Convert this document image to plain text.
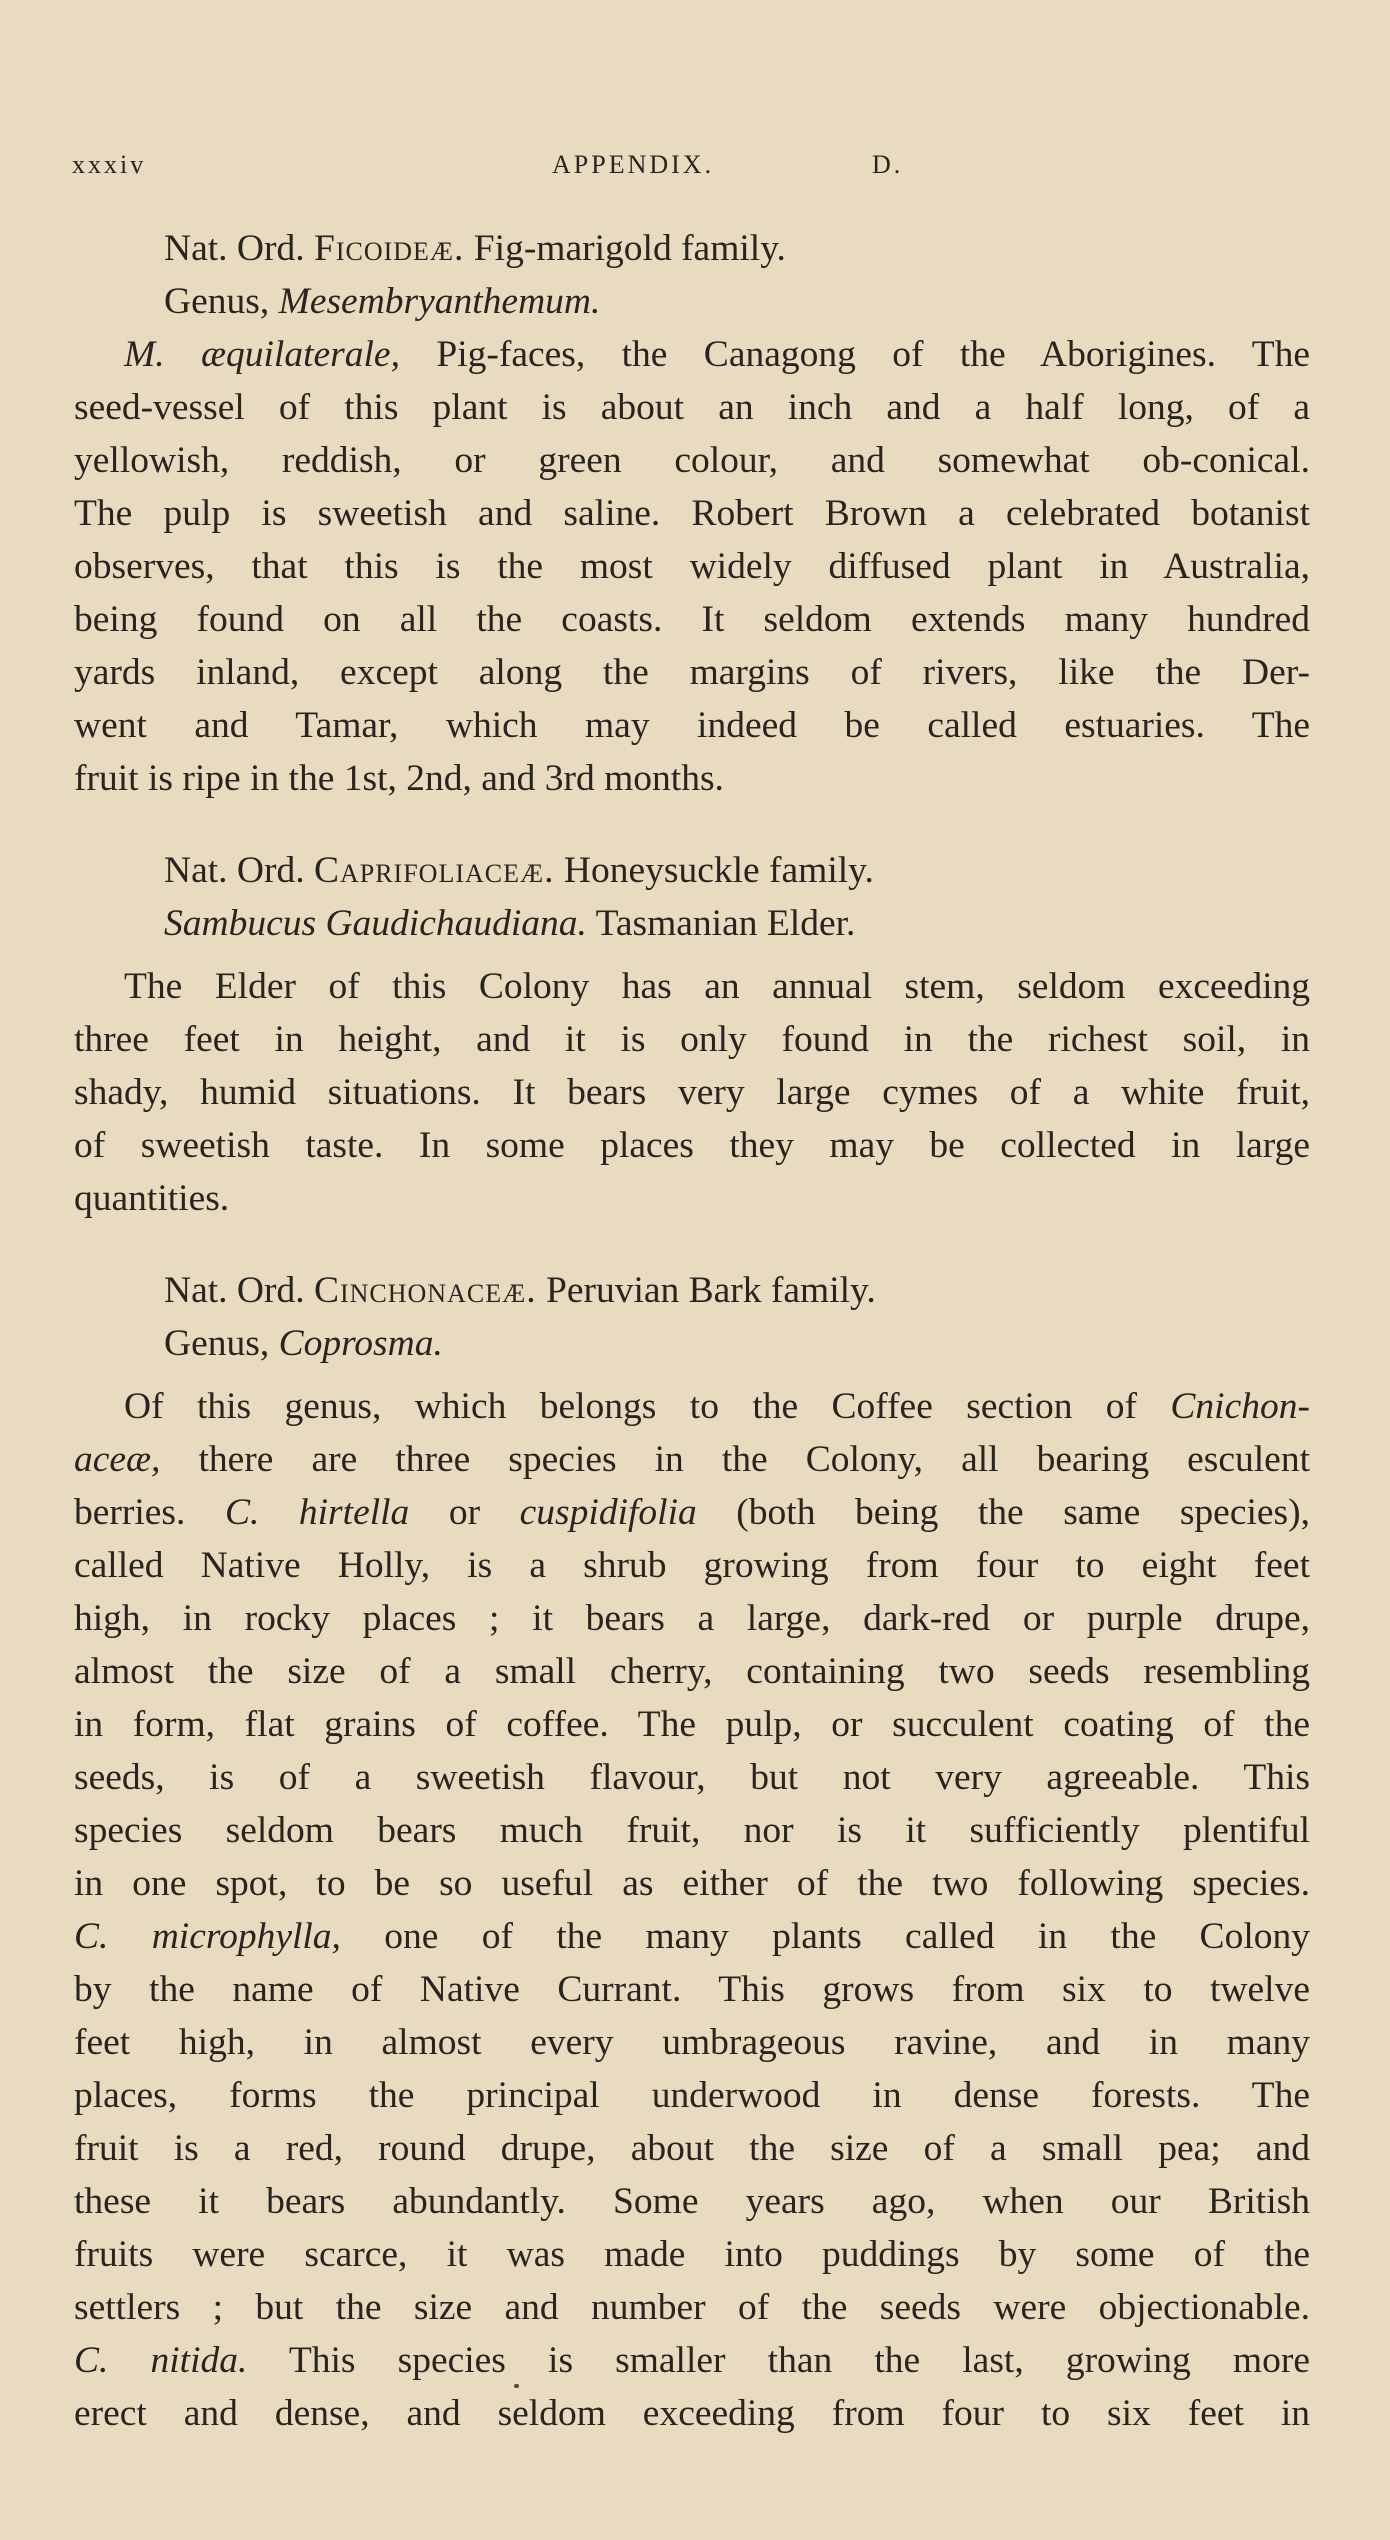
xxxiv	APPENDIX.	D.
Nat. Ord. Ficoideæ. Fig-marigold family.
Genus, Mesembryanthemum.
M. æquilaterale, Pig-faces, the Canagong of the Aborigines. The
seed-vessel of this plant is about an inch and a half long, of a
yellowish, reddish, or green colour, and somewhat ob-conical.
The pulp is sweetish and saline. Robert Brown a celebrated botanist
observes, that this is the most widely diffused plant in Australia,
being found on all the coasts. It seldom extends many hundred
yards inland, except along the margins of rivers, like the Der-
went and Tamar, which may indeed be called estuaries. The
fruit is ripe in the 1st, 2nd, and 3rd months.
Nat. Ord. Caprifoliaceæ. Honeysuckle family.
Sambucus Gaudichaudiana. Tasmanian Elder.
The Elder of this Colony has an annual stem, seldom exceeding
three feet in height, and it is only found in the richest soil, in
shady, humid situations. It bears very large cymes of a white fruit,
of sweetish taste. In some places they may be collected in large
quantities.
Nat. Ord. Cinchonaceæ. Peruvian Bark family.
Genus, Coprosma.
Of this genus, which belongs to the Coffee section of Cnichon-
aceæ, there are three species in the Colony, all bearing esculent
berries. C. hirtella or cuspidifolia (both being the same species),
called Native Holly, is a shrub growing from four to eight feet
high, in rocky places ; it bears a large, dark-red or purple drupe,
almost the size of a small cherry, containing two seeds resembling
in form, flat grains of coffee. The pulp, or succulent coating of the
seeds, is of a sweetish flavour, but not very agreeable. This
species seldom bears much fruit, nor is it sufficiently plentiful
in one spot, to be so useful as either of the two following species.
C. microphylla, one of the many plants called in the Colony
by the name of Native Currant. This grows from six to twelve
feet high, in almost every umbrageous ravine, and in many
places, forms the principal underwood in dense forests. The
fruit is a red, round drupe, about the size of a small pea; and
these it bears abundantly. Some years ago, when our British
fruits were scarce, it was made into puddings by some of the
settlers ; but the size and number of the seeds were objectionable.
C. nitida. This species is smaller than the last, growing more
erect and dense, and seldom exceeding from four to six feet in
